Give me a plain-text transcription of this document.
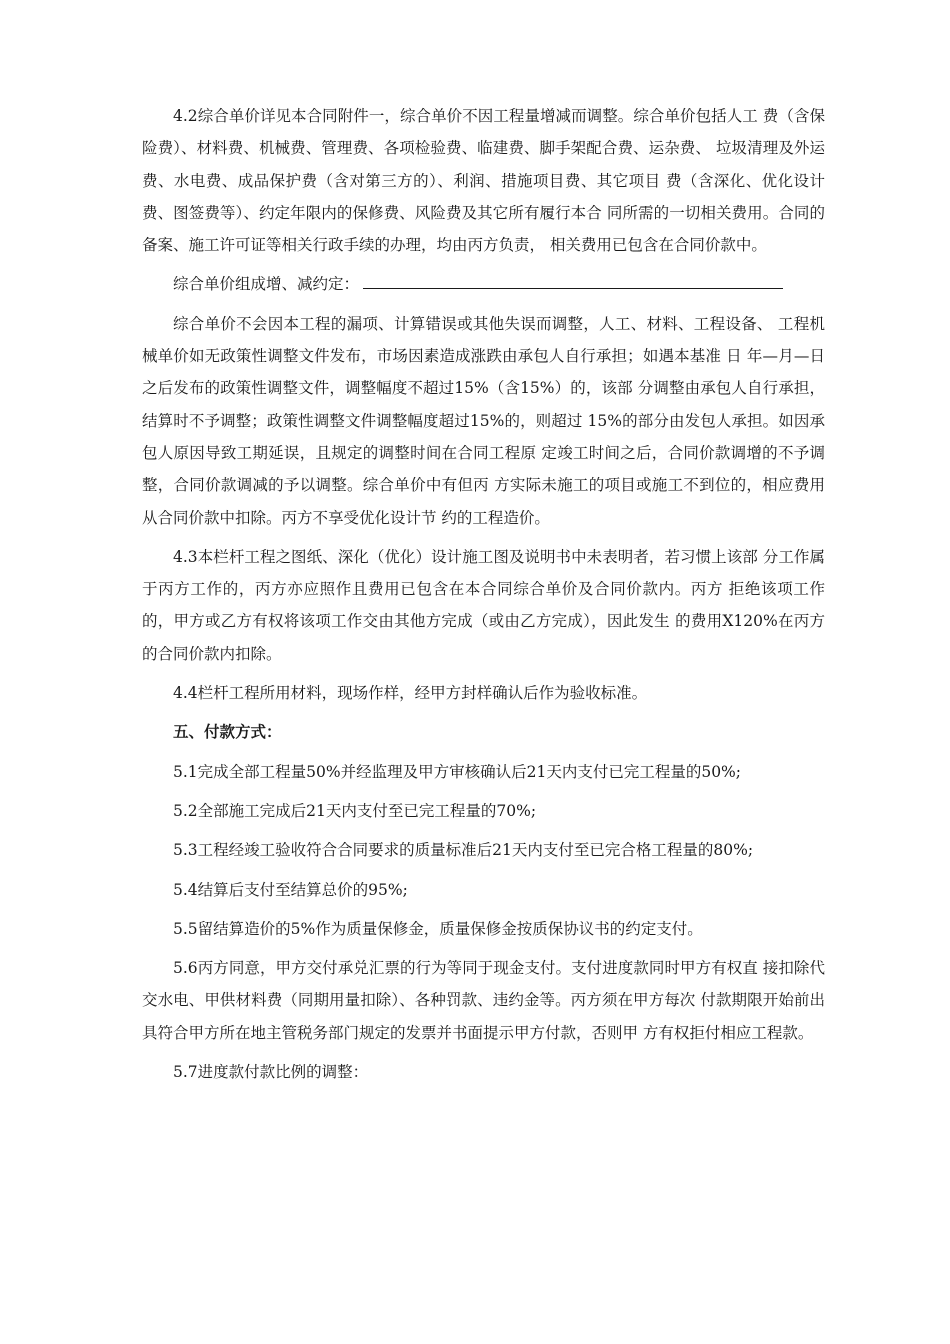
4.2综合单价详见本合同附件一，综合单价不因工程量增减而调整。综合单价包括人工 费（含保险费）、材料费、机械费、管理费、各项检验费、临建费、脚手架配合费、运杂费、 垃圾清理及外运费、水电费、成品保护费（含对第三方的）、利润、措施项目费、其它项目 费（含深化、优化设计费、图签费等）、约定年限内的保修费、风险费及其它所有履行本合 同所需的一切相关费用。合同的备案、施工许可证等相关行政手续的办理，均由丙方负责， 相关费用已包含在合同价款中。

综合单价组成增、减约定：

综合单价不会因本工程的漏项、计算错误或其他失误而调整，人工、材料、工程设备、 工程机械单价如无政策性调整文件发布，市场因素造成涨跌由承包人自行承担；如遇本基准 日 年—月—日之后发布的政策性调整文件，调整幅度不超过15%（含15%）的，该部 分调整由承包人自行承担，结算时不予调整；政策性调整文件调整幅度超过15%的，则超过 15%的部分由发包人承担。如因承包人原因导致工期延误，且规定的调整时间在合同工程原 定竣工时间之后，合同价款调增的不予调整，合同价款调减的予以调整。综合单价中有但丙 方实际未施工的项目或施工不到位的，相应费用从合同价款中扣除。丙方不享受优化设计节 约的工程造价。

4.3本栏杆工程之图纸、深化（优化）设计施工图及说明书中未表明者，若习惯上该部 分工作属于丙方工作的，丙方亦应照作且费用已包含在本合同综合单价及合同价款内。丙方 拒绝该项工作的，甲方或乙方有权将该项工作交由其他方完成（或由乙方完成），因此发生 的费用X120%在丙方的合同价款内扣除。

4.4栏杆工程所用材料，现场作样，经甲方封样确认后作为验收标准。

五、付款方式：

5.1完成全部工程量50%并经监理及甲方审核确认后21天内支付已完工程量的50%;

5.2全部施工完成后21天内支付至已完工程量的70%;

5.3工程经竣工验收符合合同要求的质量标准后21天内支付至已完合格工程量的80%;

5.4结算后支付至结算总价的95%;

5.5留结算造价的5%作为质量保修金，质量保修金按质保协议书的约定支付。

5.6丙方同意，甲方交付承兑汇票的行为等同于现金支付。支付进度款同时甲方有权直 接扣除代交水电、甲供材料费（同期用量扣除）、各种罚款、违约金等。丙方须在甲方每次 付款期限开始前出具符合甲方所在地主管税务部门规定的发票并书面提示甲方付款，否则甲 方有权拒付相应工程款。

5.7进度款付款比例的调整：
